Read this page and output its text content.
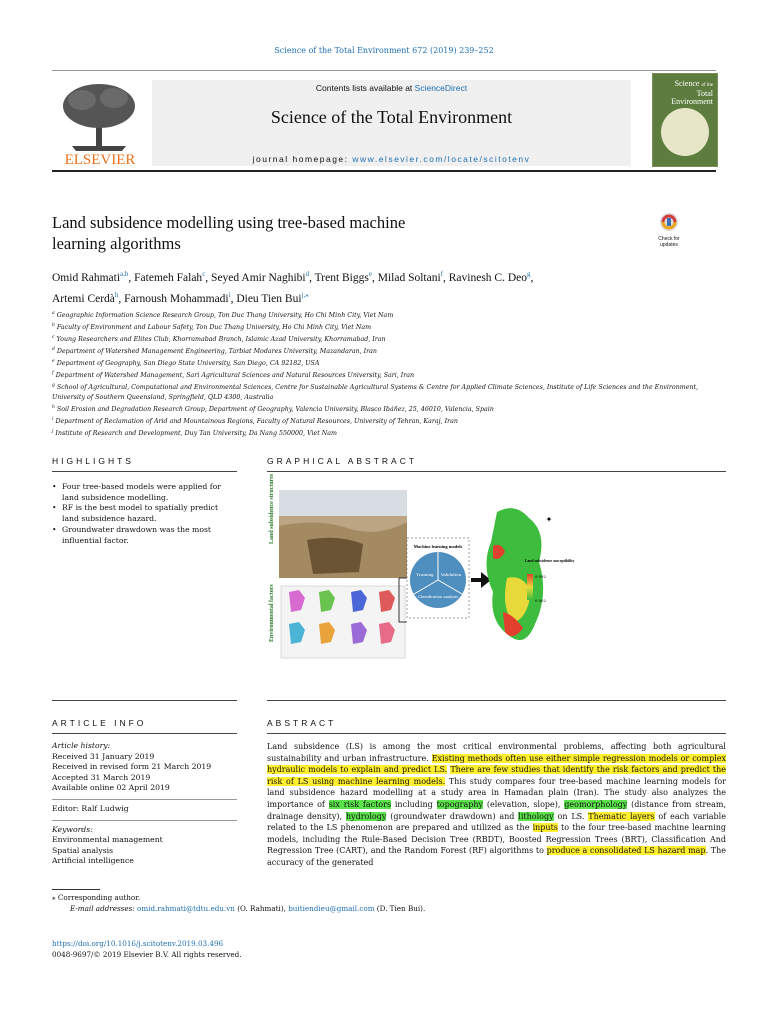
Science of the Total Environment 672 (2019) 239–252
ELSEVIER
Contents lists available at ScienceDirect
Science of the Total Environment
journal homepage: www.elsevier.com/locate/scitotenv
Science of the
Total Environment
Land subsidence modelling using tree-based machine
learning algorithms	Check for
updates
Omid Rahmati$^{a,b}$, Fatemeh Falah$^c$, Seyed Amir Naghibi$^d$, Trent Biggs$^e$, Milad Soltani$^f$, Ravinesh C. Deo$^g$,
Artemi Cerdà$^h$, Farnoush Mohammadi$^i$, Dieu Tien Bui$^{j,⁎}$
$^a$ Geographic Information Science Research Group, Ton Duc Thang University, Ho Chi Minh City, Viet Nam
$^b$ Faculty of Environment and Labour Safety, Ton Duc Thang University, Ho Chi Minh City, Viet Nam
$^c$ Young Researchers and Elites Club, Khorramabad Branch, Islamic Azad University, Khorramabad, Iran
$^d$ Department of Watershed Management Engineering, Tarbiat Modares University, Mazandaran, Iran
$^e$ Department of Geography, San Diego State University, San Diego, CA 92182, USA
$^f$ Department of Watershed Management, Sari Agricultural Sciences and Natural Resources University, Sari, Iran
$^g$ School of Agricultural, Computational and Environmental Sciences, Centre for Sustainable Agricultural Systems & Centre for Applied Climate Sciences, Institute of Life Sciences and the Environment, University of Southern Queensland, Springfield, QLD 4300, Australia
$^h$ Soil Erosion and Degradation Research Group, Department of Geography, Valencia University, Blasco Ibáñez, 25, 46010, Valencia, Spain
$^i$ Department of Reclamation of Arid and Mountainous Regions, Faculty of Natural Resources, University of Tehran, Karaj, Iran
$^j$ Institute of Research and Development, Duy Tan University, Da Nang 550000, Viet Nam
HIGHLIGHTS	GRAPHICAL ABSTRACT
• Four tree-based models were applied for land subsidence modelling.
• RF is the best model to spatially predict land subsidence hazard.
• Groundwater drawdown was the most influential factor.	Land subsidence structures
Environmental factors
Machine learning models
Training Validation
Classification analysis
✦
Land subsidence susceptibility
0.992
0.002
ARTICLE INFO	ABSTRACT
Article history:
Received 31 January 2019
Received in revised form 21 March 2019
Accepted 31 March 2019
Available online 02 April 2019
Editor: Ralf Ludwig
Keywords:
Environmental management
Spatial analysis
Artificial intelligence
Land subsidence (LS) is among the most critical environmental problems, affecting both agricultural sustainability and urban infrastructure. Existing methods often use either simple regression models or complex hydraulic models to explain and predict LS. There are few studies that identify the risk factors and predict the risk of LS using machine learning models. This study compares four tree-based machine learning models for land subsidence hazard modelling at a study area in Hamadan plain (Iran). The study also analyzes the importance of six risk factors including topography (elevation, slope), geomorphology (distance from stream, drainage density), hydrology (groundwater drawdown) and lithology on LS. Thematic layers of each variable related to the LS phenomenon are prepared and utilized as the inputs to the four tree-based machine learning models, including the Rule-Based Decision Tree (RBDT), Boosted Regression Trees (BRT), Classification And Regression Tree (CART), and the Random Forest (RF) algorithms to produce a consolidated LS hazard map. The accuracy of the generated
⁎ Corresponding author.
E-mail addresses: omid.rahmati@tdtu.edu.vn (O. Rahmati), buitiendieu@gmail.com (D. Tien Bui).
https://doi.org/10.1016/j.scitotenv.2019.03.496
0048-9697/© 2019 Elsevier B.V. All rights reserved.
